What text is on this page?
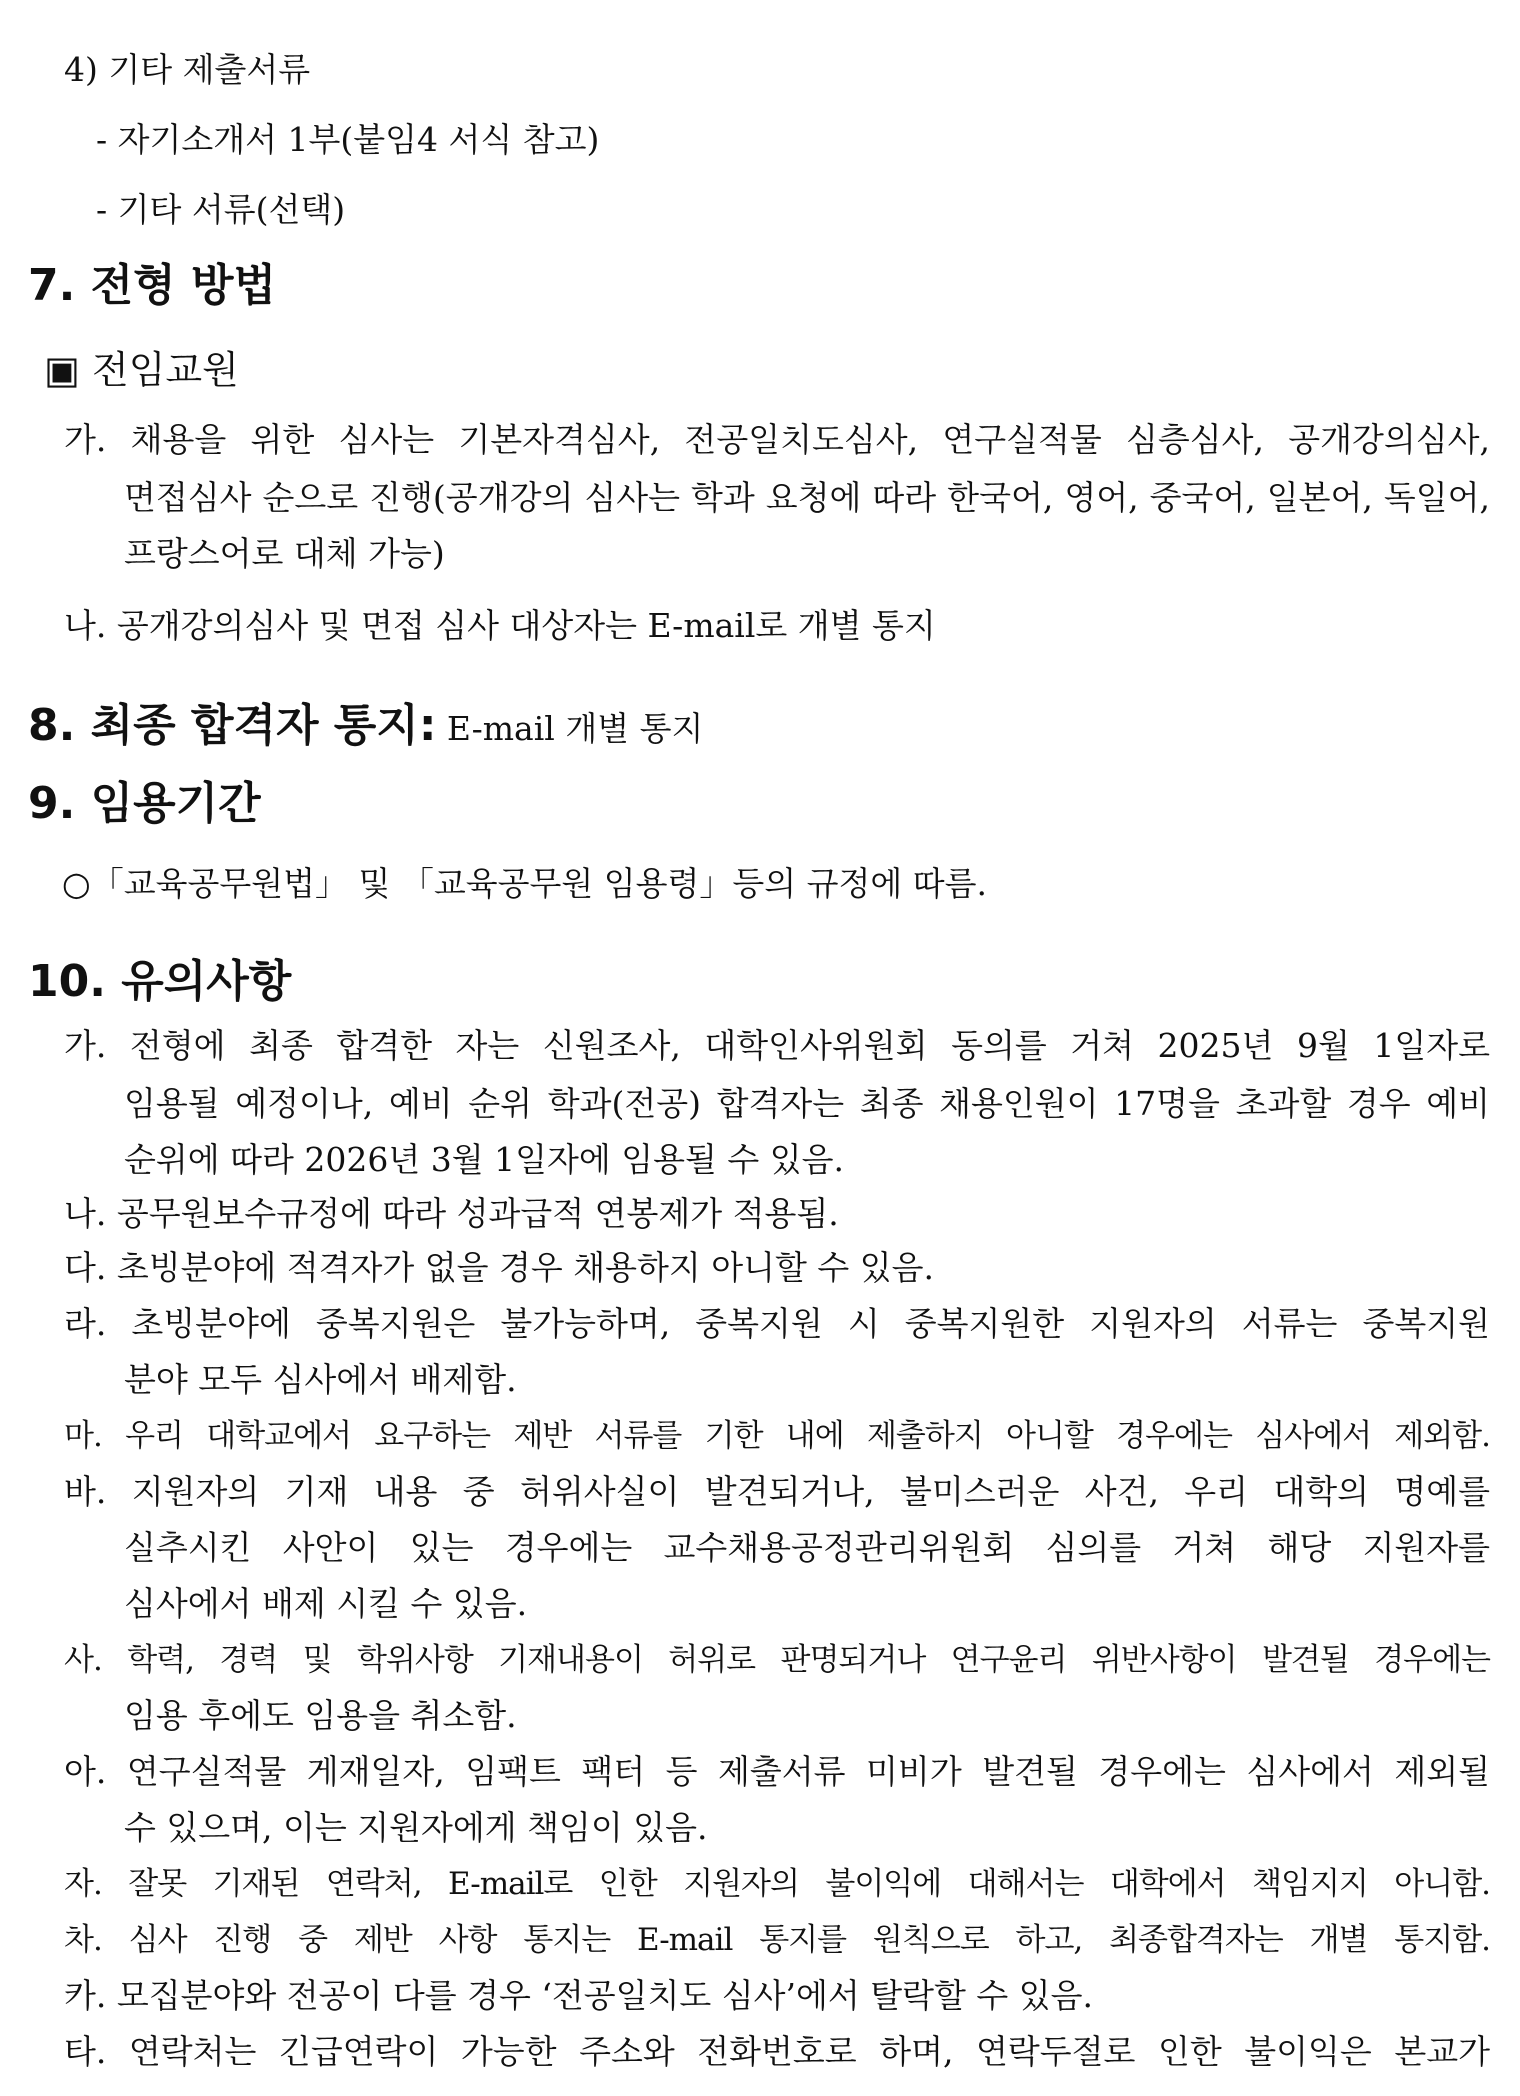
4) 기타 제출서류
- 자기소개서 1부(붙임4 서식 참고)
- 기타 서류(선택)
7. 전형 방법
▣ 전임교원
가. 채용을 위한 심사는 기본자격심사, 전공일치도심사, 연구실적물 심층심사, 공개강의심사,
면접심사 순으로 진행(공개강의 심사는 학과 요청에 따라 한국어, 영어, 중국어, 일본어, 독일어,
프랑스어로 대체 가능)
나. 공개강의심사 및 면접 심사 대상자는 E-mail로 개별 통지
8. 최종 합격자 통지: E-mail 개별 통지
9. 임용기간
○「교육공무원법」 및 「교육공무원 임용령」등의 규정에 따름.
10. 유의사항
가. 전형에 최종 합격한 자는 신원조사, 대학인사위원회 동의를 거쳐 2025년 9월 1일자로
임용될 예정이나, 예비 순위 학과(전공) 합격자는 최종 채용인원이 17명을 초과할 경우 예비
순위에 따라 2026년 3월 1일자에 임용될 수 있음.
나. 공무원보수규정에 따라 성과급적 연봉제가 적용됨.
다. 초빙분야에 적격자가 없을 경우 채용하지 아니할 수 있음.
라. 초빙분야에 중복지원은 불가능하며, 중복지원 시 중복지원한 지원자의 서류는 중복지원
분야 모두 심사에서 배제함.
마. 우리 대학교에서 요구하는 제반 서류를 기한 내에 제출하지 아니할 경우에는 심사에서 제외함.
바. 지원자의 기재 내용 중 허위사실이 발견되거나, 불미스러운 사건, 우리 대학의 명예를
실추시킨 사안이 있는 경우에는 교수채용공정관리위원회 심의를 거쳐 해당 지원자를
심사에서 배제 시킬 수 있음.
사. 학력, 경력 및 학위사항 기재내용이 허위로 판명되거나 연구윤리 위반사항이 발견될 경우에는
임용 후에도 임용을 취소함.
아. 연구실적물 게재일자, 임팩트 팩터 등 제출서류 미비가 발견될 경우에는 심사에서 제외될
수 있으며, 이는 지원자에게 책임이 있음.
자. 잘못 기재된 연락처, E-mail로 인한 지원자의 불이익에 대해서는 대학에서 책임지지 아니함.
차. 심사 진행 중 제반 사항 통지는 E-mail 통지를 원칙으로 하고, 최종합격자는 개별 통지함.
카. 모집분야와 전공이 다를 경우 ‘전공일치도 심사’에서 탈락할 수 있음.
타. 연락처는 긴급연락이 가능한 주소와 전화번호로 하며, 연락두절로 인한 불이익은 본교가
